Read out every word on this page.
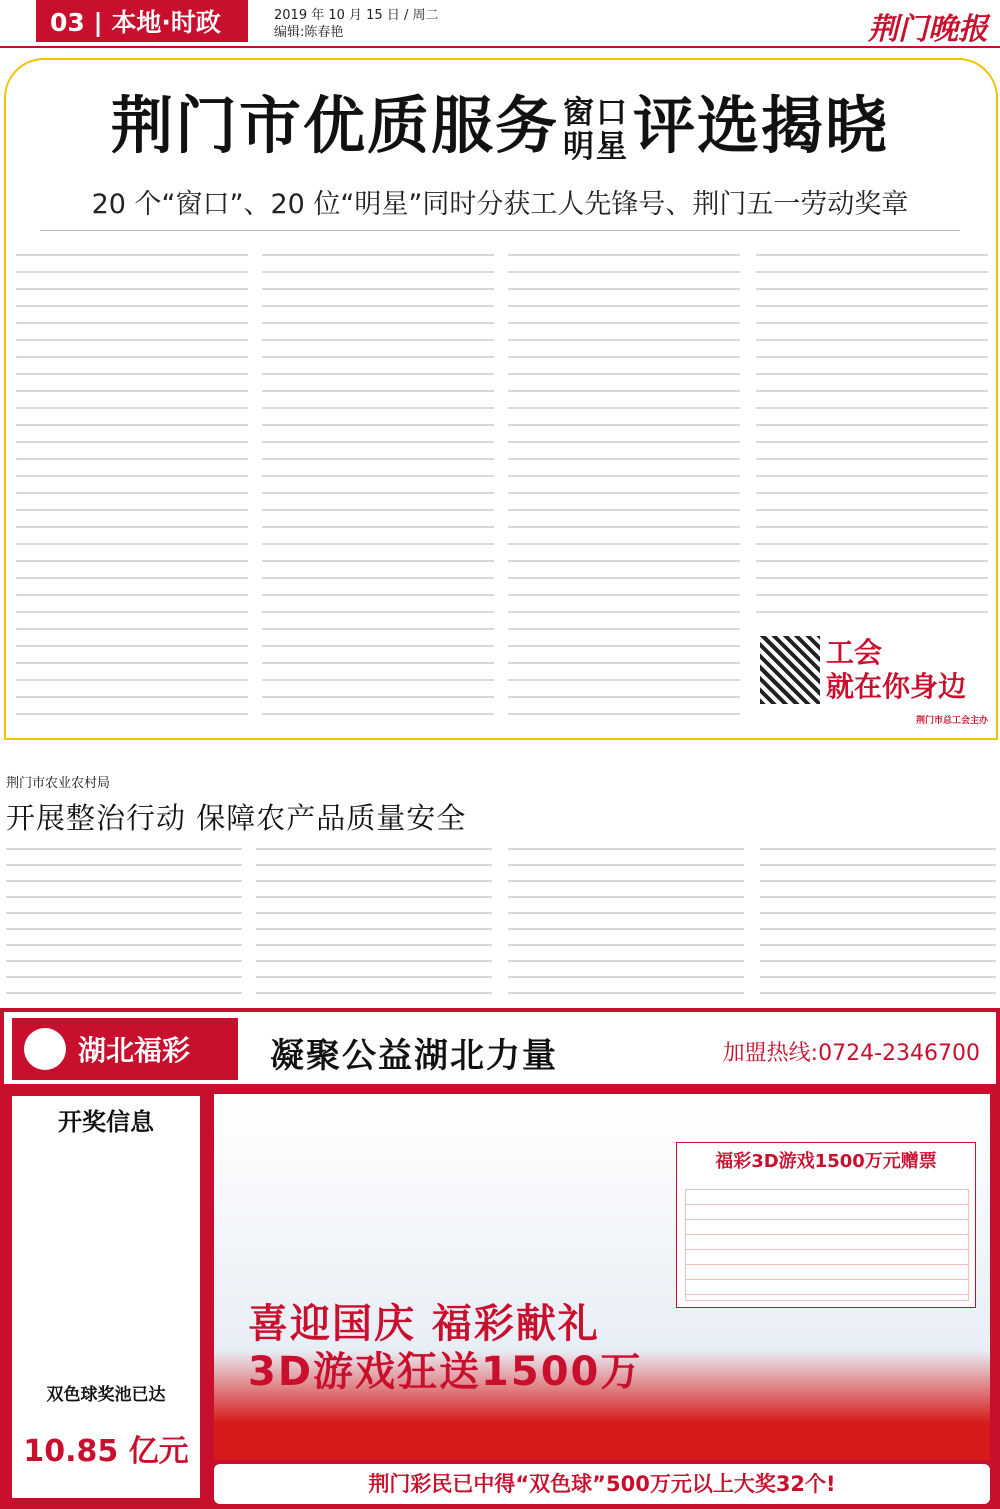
03 | 本地·时政	2019 年 10 月 15 日 / 周二
编辑:陈春艳	荆门晚报
荆门市优质服务 窗口
明星评选揭晓
20 个“窗口”、20 位“明星”同时分获工人先锋号、荆门五一劳动奖章
工会
就在你身边
荆门市总工会主办
荆门市农业农村局
开展整治行动 保障农产品质量安全
湖北福彩 凝聚公益湖北力量	加盟热线:0724-2346700
开奖信息
双色球奖池已达
10.85 亿元
喜迎国庆 福彩献礼
3D游戏狂送1500万
福彩3D游戏1500万元赠票
荆门彩民已中得“双色球”500万元以上大奖32个!
